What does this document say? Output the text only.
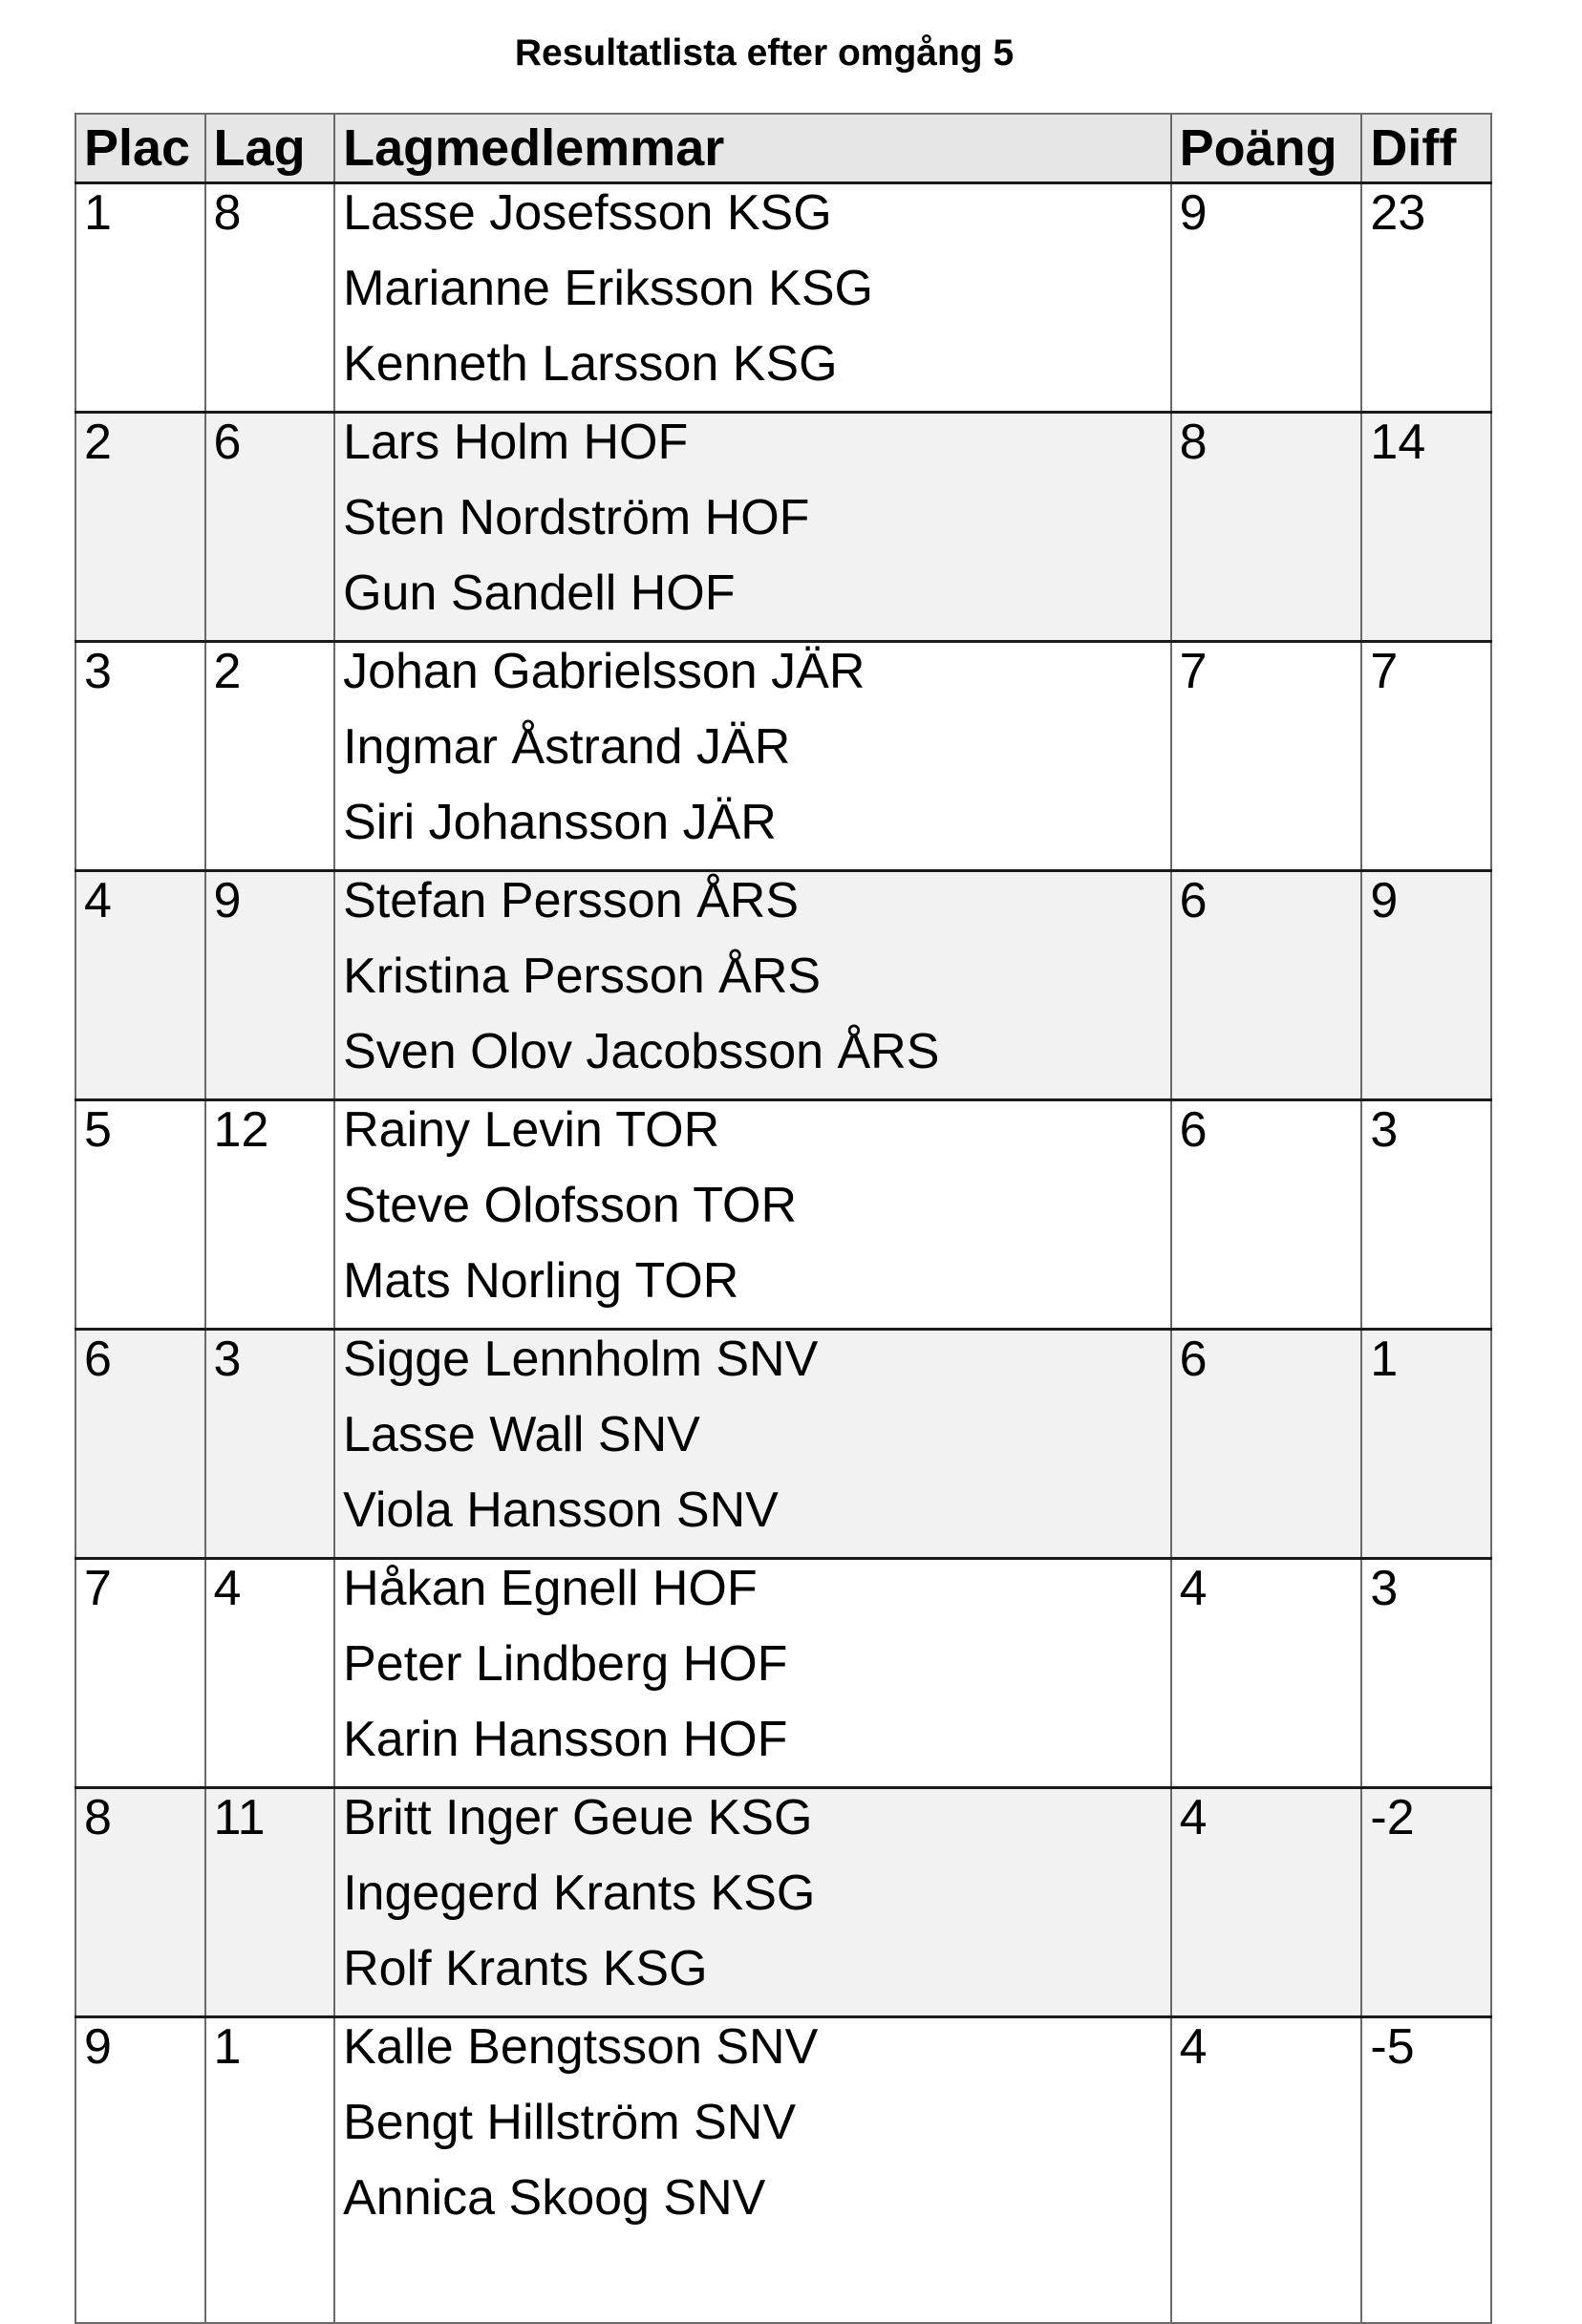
Resultatlista efter omgång 5
Plac	Lag	Lagmedlemmar	Poäng	Diff
1	8	Lasse Josefsson KSG
Marianne Eriksson KSG
Kenneth Larsson KSG	9	23
2	6	Lars Holm HOF
Sten Nordström HOF
Gun Sandell HOF	8	14
3	2	Johan Gabrielsson JÄR
Ingmar Åstrand JÄR
Siri Johansson JÄR	7	7
4	9	Stefan Persson ÅRS
Kristina Persson ÅRS
Sven Olov Jacobsson ÅRS	6	9
5	12	Rainy Levin TOR
Steve Olofsson TOR
Mats Norling TOR	6	3
6	3	Sigge Lennholm SNV
Lasse Wall SNV
Viola Hansson SNV	6	1
7	4	Håkan Egnell HOF
Peter Lindberg HOF
Karin Hansson HOF	4	3
8	11	Britt Inger Geue KSG
Ingegerd Krants KSG
Rolf Krants KSG	4	-2
9	1	Kalle Bengtsson SNV
Bengt Hillström SNV
Annica Skoog SNV	4	-5
